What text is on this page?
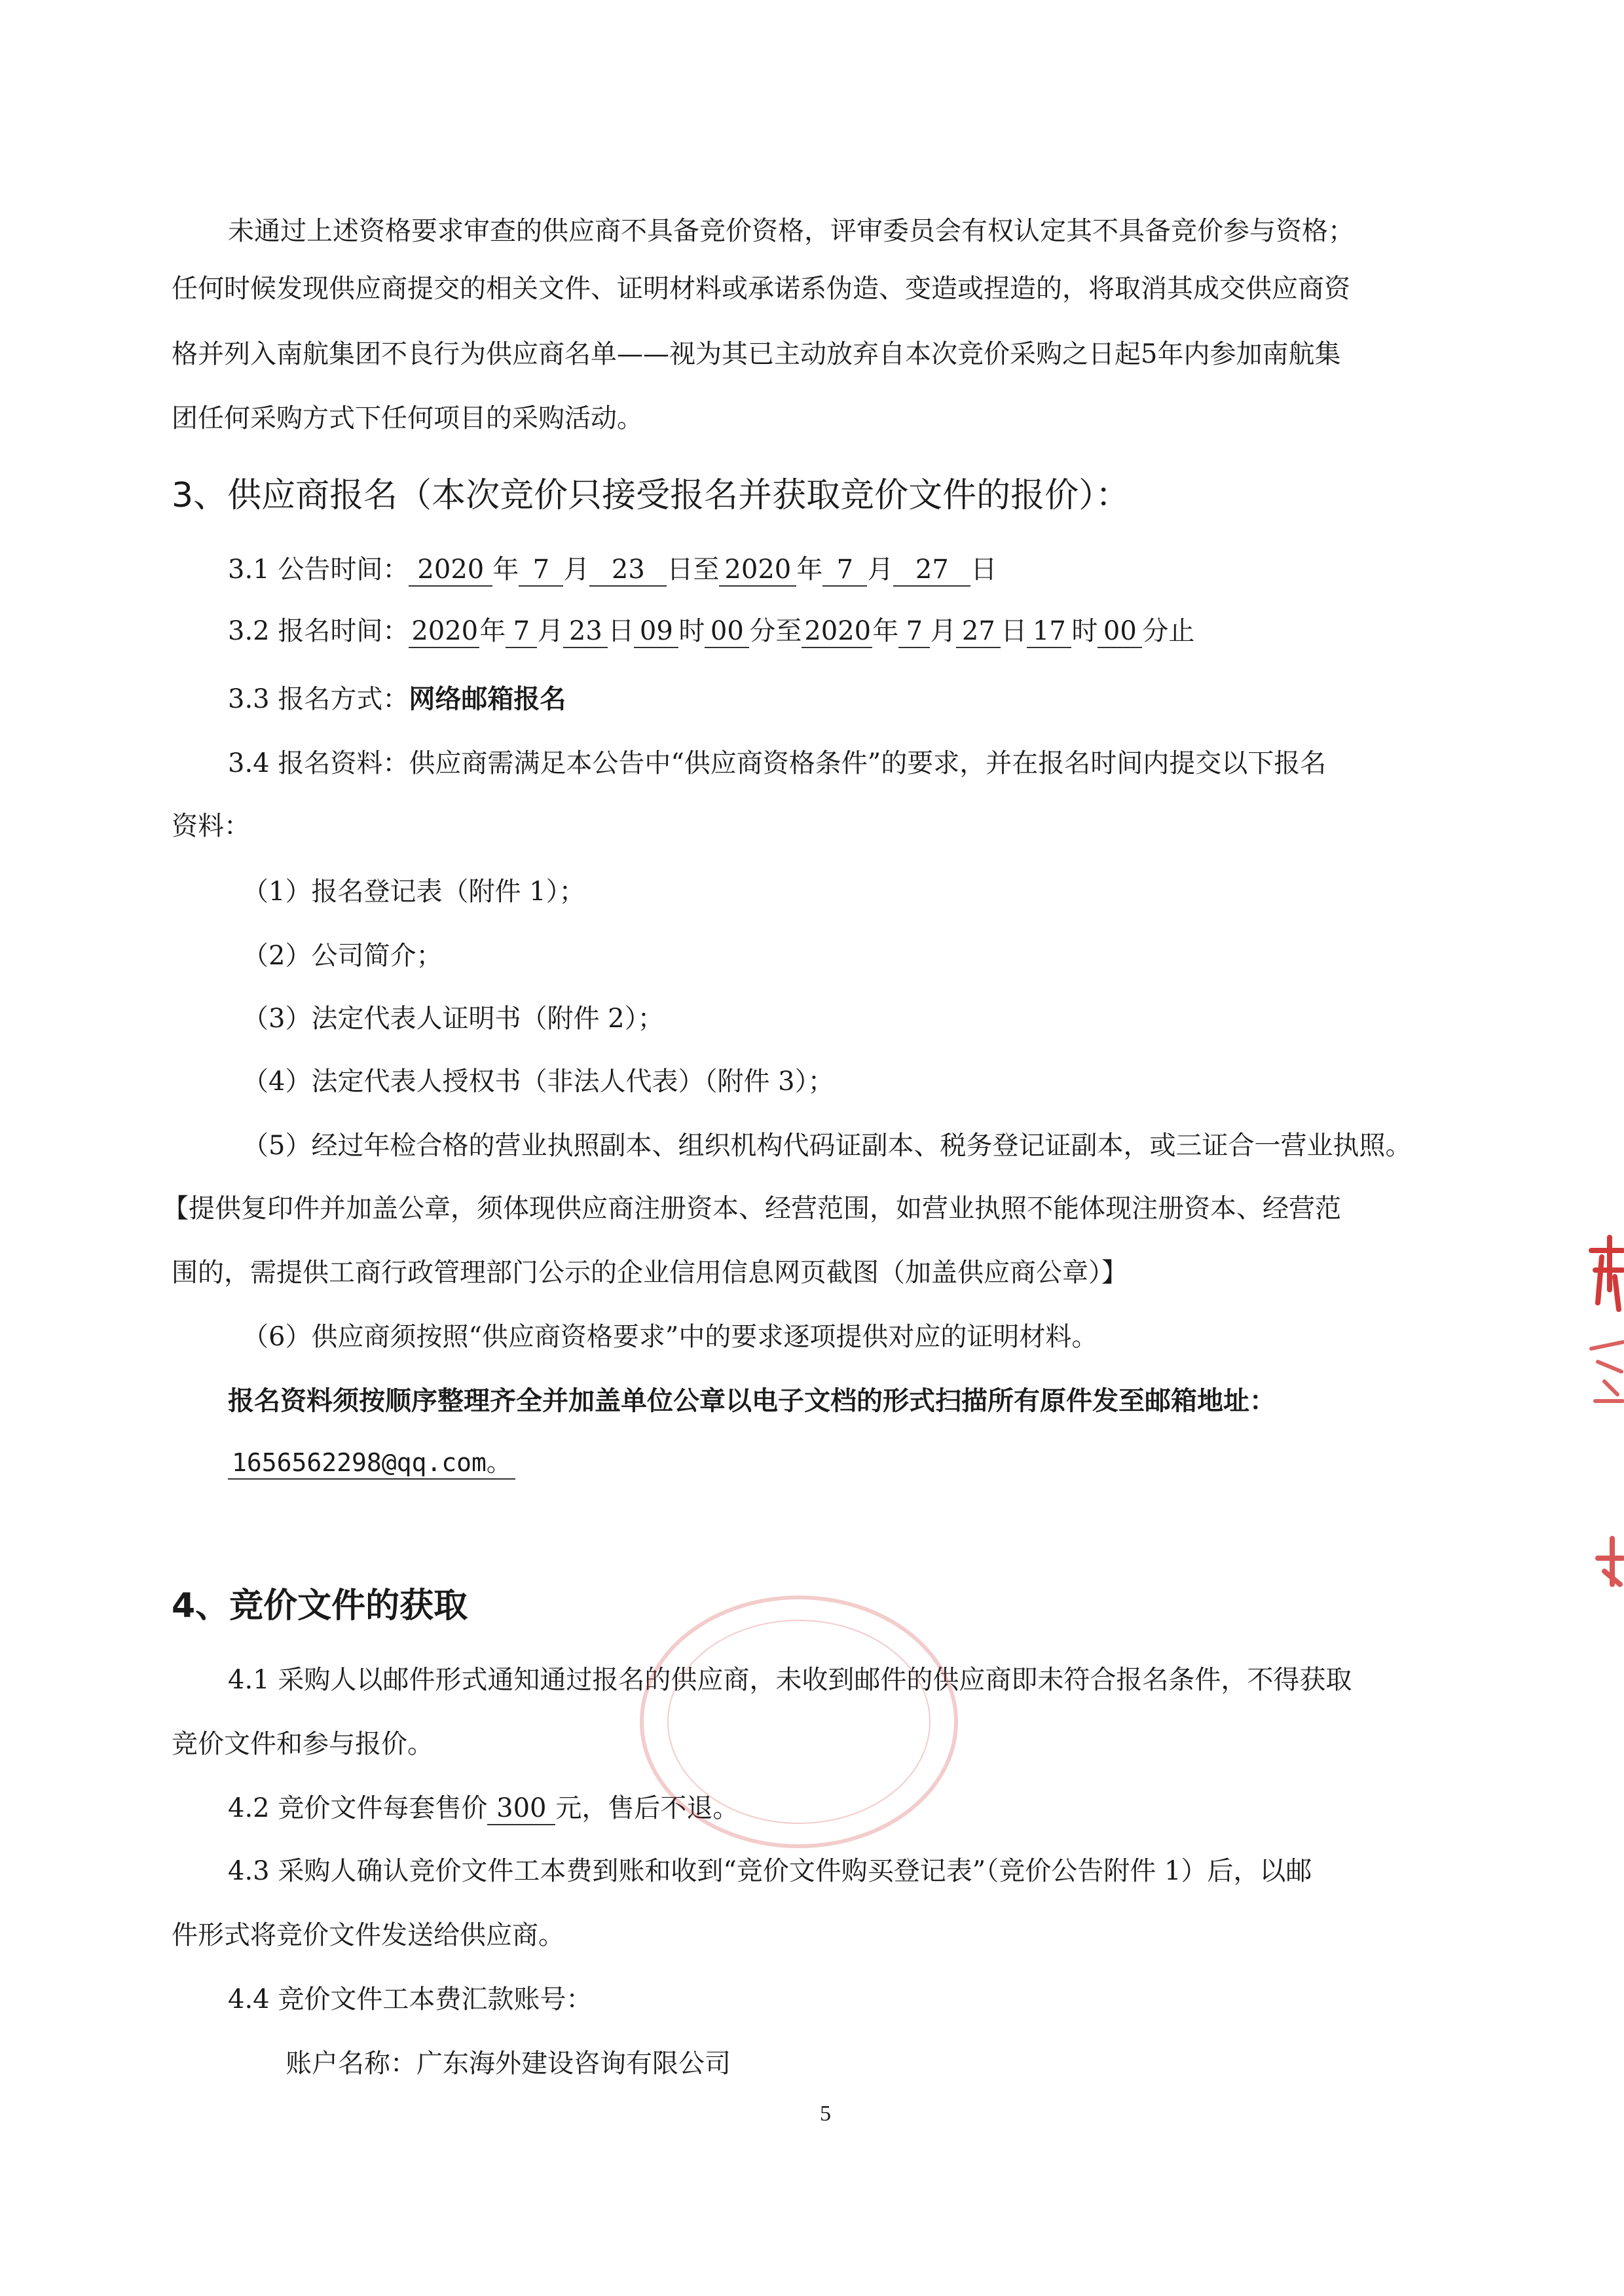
未通过上述资格要求审查的供应商不具备竞价资格，评审委员会有权认定其不具备竞价参与资格；
任何时候发现供应商提交的相关文件、证明材料或承诺系伪造、变造或捏造的，将取消其成交供应商资
格并列入南航集团不良行为供应商名单——视为其已主动放弃自本次竞价采购之日起5年内参加南航集
团任何采购方式下任何项目的采购活动。
3、供应商报名（本次竞价只接受报名并获取竞价文件的报价）：
3.1 公告时间： 2020 年 7 月 23 日至 2020 年 7 月 27 日
3.2 报名时间： 2020年 7 月 23 日 09 时 00 分至 2020年 7 月 27 日 17 时 00 分止
3.3 报名方式：网络邮箱报名
3.4 报名资料：供应商需满足本公告中“供应商资格条件”的要求，并在报名时间内提交以下报名
资料：
（1）报名登记表（附件 1）；
（2）公司简介；
（3）法定代表人证明书（附件 2）；
（4）法定代表人授权书（非法人代表）（附件 3）；
（5）经过年检合格的营业执照副本、组织机构代码证副本、税务登记证副本，或三证合一营业执照。
【提供复印件并加盖公章，须体现供应商注册资本、经营范围，如营业执照不能体现注册资本、经营范
围的，需提供工商行政管理部门公示的企业信用信息网页截图（加盖供应商公章）】
（6）供应商须按照“供应商资格要求”中的要求逐项提供对应的证明材料。
报名资料须按顺序整理齐全并加盖单位公章以电子文档的形式扫描所有原件发至邮箱地址：
1656562298@qq.com。
4、竞价文件的获取
4.1 采购人以邮件形式通知通过报名的供应商，未收到邮件的供应商即未符合报名条件，不得获取
竞价文件和参与报价。
4.2 竞价文件每套售价 300 元，售后不退。
4.3 采购人确认竞价文件工本费到账和收到“竞价文件购买登记表”（竞价公告附件 1）后，以邮
件形式将竞价文件发送给供应商。
4.4 竞价文件工本费汇款账号：
账户名称：广东海外建设咨询有限公司
5
